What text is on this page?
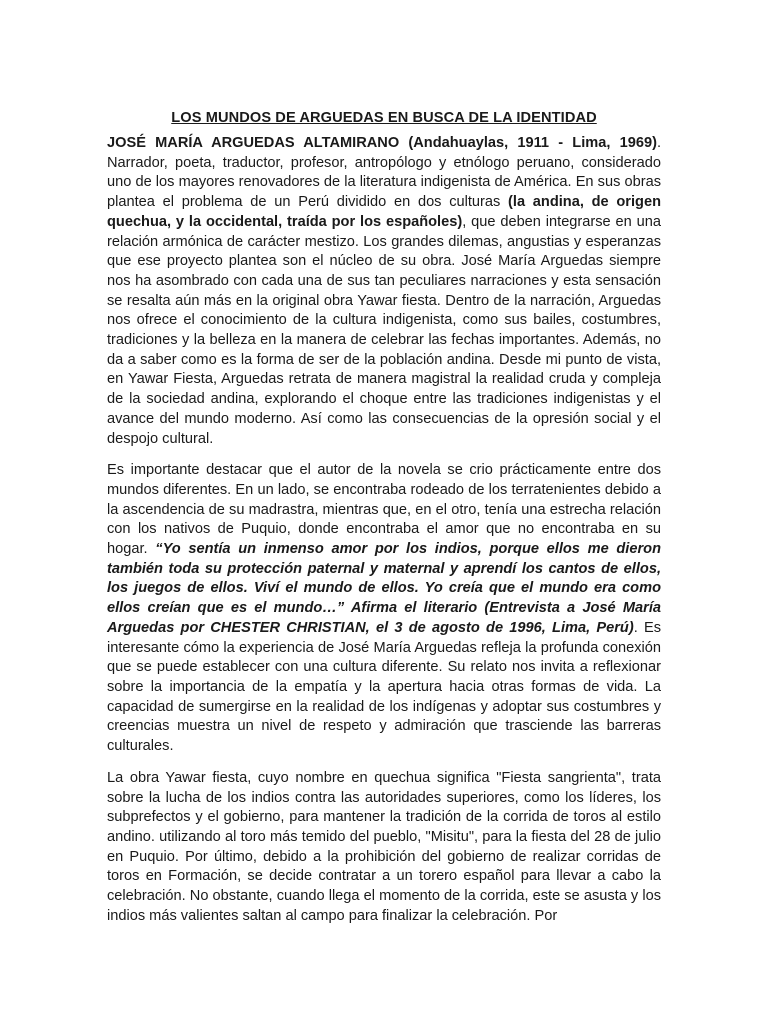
LOS MUNDOS DE ARGUEDAS EN BUSCA DE LA IDENTIDAD

JOSÉ MARÍA ARGUEDAS ALTAMIRANO (Andahuaylas, 1911 - Lima, 1969). Narrador, poeta, traductor, profesor, antropólogo y etnólogo peruano, considerado uno de los mayores renovadores de la literatura indigenista de América. En sus obras plantea el problema de un Perú dividido en dos culturas (la andina, de origen quechua, y la occidental, traída por los españoles), que deben integrarse en una relación armónica de carácter mestizo. Los grandes dilemas, angustias y esperanzas que ese proyecto plantea son el núcleo de su obra. José María Arguedas siempre nos ha asombrado con cada una de sus tan peculiares narraciones y esta sensación se resalta aún más en la original obra Yawar fiesta. Dentro de la narración, Arguedas nos ofrece el conocimiento de la cultura indigenista, como sus bailes, costumbres, tradiciones y la belleza en la manera de celebrar las fechas importantes. Además, no da a saber como es la forma de ser de la población andina. Desde mi punto de vista, en Yawar Fiesta, Arguedas retrata de manera magistral la realidad cruda y compleja de la sociedad andina, explorando el choque entre las tradiciones indigenistas y el avance del mundo moderno. Así como las consecuencias de la opresión social y el despojo cultural.

Es importante destacar que el autor de la novela se crio prácticamente entre dos mundos diferentes. En un lado, se encontraba rodeado de los terratenientes debido a la ascendencia de su madrastra, mientras que, en el otro, tenía una estrecha relación con los nativos de Puquio, donde encontraba el amor que no encontraba en su hogar. “Yo sentía un inmenso amor por los indios, porque ellos me dieron también toda su protección paternal y maternal y aprendí los cantos de ellos, los juegos de ellos. Viví el mundo de ellos. Yo creía que el mundo era como ellos creían que es el mundo…” Afirma el literario (Entrevista a José María Arguedas por CHESTER CHRISTIAN, el 3 de agosto de 1996, Lima, Perú). Es interesante cómo la experiencia de José María Arguedas refleja la profunda conexión que se puede establecer con una cultura diferente. Su relato nos invita a reflexionar sobre la importancia de la empatía y la apertura hacia otras formas de vida. La capacidad de sumergirse en la realidad de los indígenas y adoptar sus costumbres y creencias muestra un nivel de respeto y admiración que trasciende las barreras culturales.

La obra Yawar fiesta, cuyo nombre en quechua significa "Fiesta sangrienta", trata sobre la lucha de los indios contra las autoridades superiores, como los líderes, los subprefectos y el gobierno, para mantener la tradición de la corrida de toros al estilo andino. utilizando al toro más temido del pueblo, "Misitu", para la fiesta del 28 de julio en Puquio. Por último, debido a la prohibición del gobierno de realizar corridas de toros en Formación, se decide contratar a un torero español para llevar a cabo la celebración. No obstante, cuando llega el momento de la corrida, este se asusta y los indios más valientes saltan al campo para finalizar la celebración. Por
